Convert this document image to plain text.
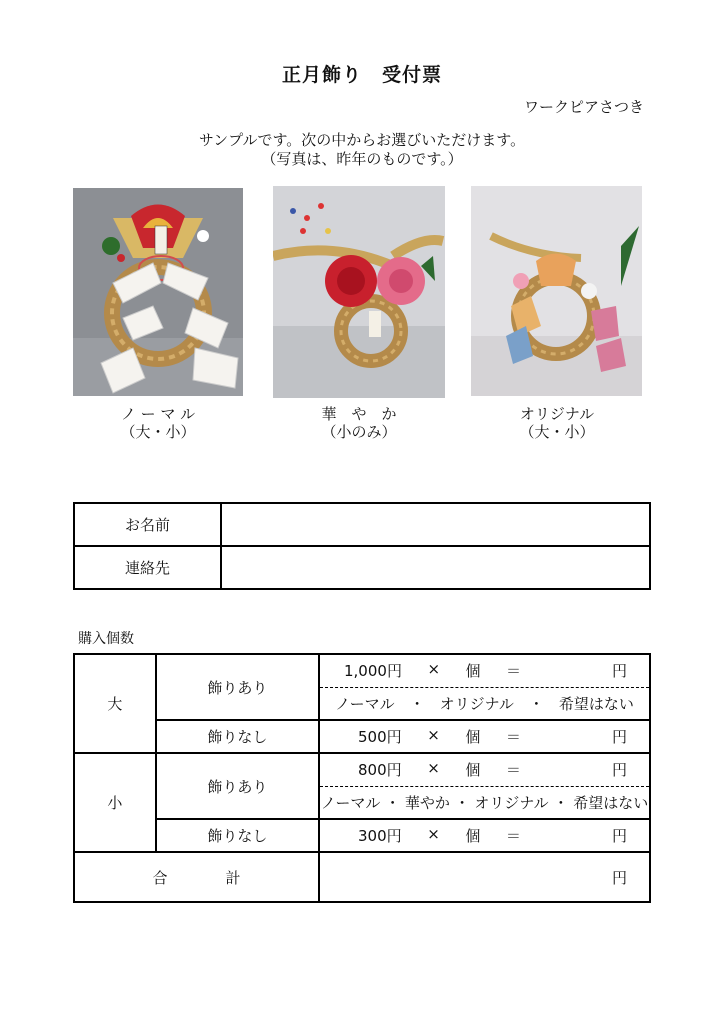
正月飾り　受付票
ワークピアさつき
サンプルです。次の中からお選びいただけます。
（写真は、昨年のものです。）
ノ ー マ ル
（大・小）
華　や　か
（小のみ）
オリジナル
（大・小）
お名前	
連絡先	
購入個数
大	飾りあり	1,000円 × 個 ＝ 円

		ノーマル　・　オリジナル　・　希望はない
	飾りなし	500円 × 個 ＝ 円

小	飾りあり	800円 × 個 ＝ 円

		ノーマル ・ 華やか ・ オリジナル ・ 希望はない
	飾りなし	300円 × 個 ＝ 円

合計		円
